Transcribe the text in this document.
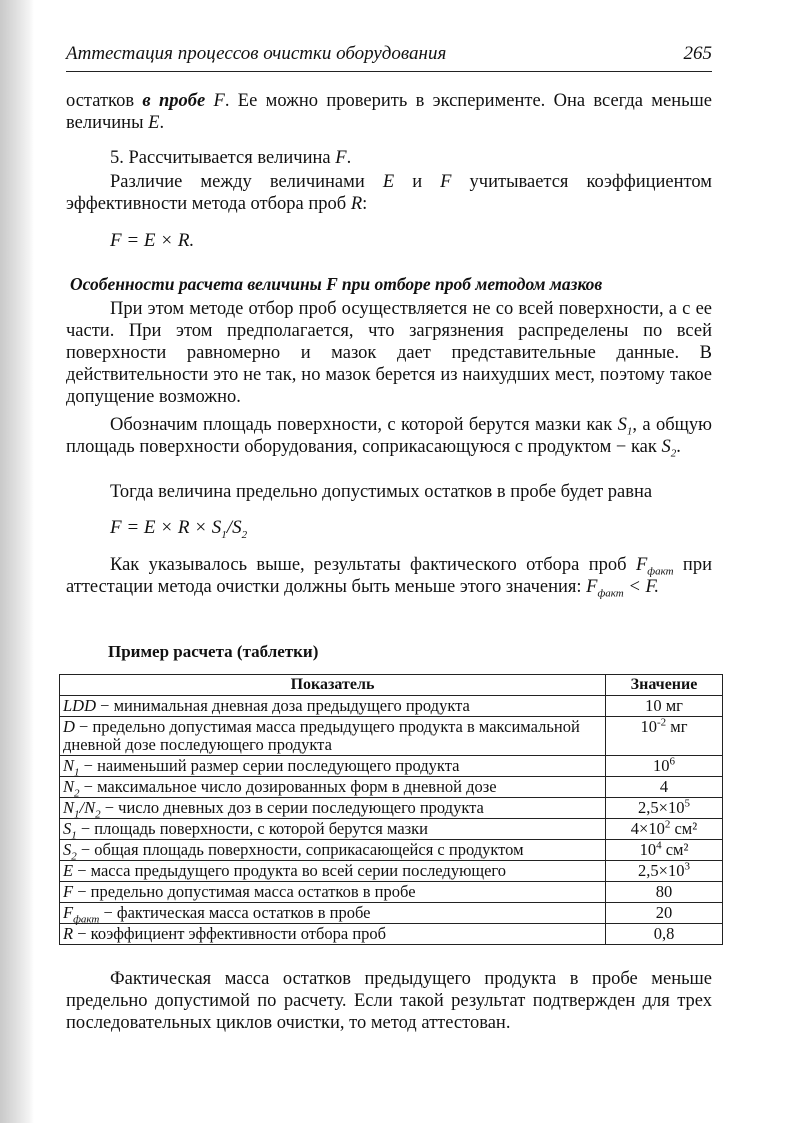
Аттестация процессов очистки оборудования	265

остатков в пробе F. Ее можно проверить в эксперименте. Она всегда меньше величины E.

5. Рассчитывается величина F.

Различие между величинами E и F учитывается коэффициентом эффективности метода отбора проб R:

F = E × R.
Особенности расчета величины F при отборе проб методом мазков

При этом методе отбор проб осуществляется не со всей поверхности, а с ее части. При этом предполагается, что загрязнения распределены по всей поверхности равномерно и мазок дает представительные данные. В действительности это не так, но мазок берется из наихудших мест, поэтому такое допущение возможно.

Обозначим площадь поверхности, с которой берутся мазки как $S_1$, а общую площадь поверхности оборудования, соприкасающуюся с продуктом − как $S_2$.

Тогда величина предельно допустимых остатков в пробе будет равна

$F = E \times R \times S_1/S_2$

Как указывалось выше, результаты фактического отбора проб $F_{факт}$ при аттестации метода очистки должны быть меньше этого значения: $F_{факт} < F$.

Пример расчета (таблетки)
Показатель	Значение
LDD − минимальная дневная доза предыдущего продукта	10 мг
D − предельно допустимая масса предыдущего продукта в максимальной дневной дозе последующего продукта	$10^{-2}$ мг
$N_1$ − наименьший размер серии последующего продукта	$10^6$
$N_2$ − максимальное число дозированных форм в дневной дозе	4
$N_1/N_2$ − число дневных доз в серии последующего продукта	$2,5\times 10^5$
$S_1$ − площадь поверхности, с которой берутся мазки	$4\times 10^2$ см²
$S_2$ − общая площадь поверхности, соприкасающейся с продуктом	$10^4$ см²
E − масса предыдущего продукта во всей серии последующего	$2,5\times 10^3$
F − предельно допустимая масса остатков в пробе	80
$F_{факт}$ − фактическая масса остатков в пробе	20
R − коэффициент эффективности отбора проб	0,8

Фактическая масса остатков предыдущего продукта в пробе меньше предельно допустимой по расчету. Если такой результат подтвержден для трех последовательных циклов очистки, то метод аттестован.
